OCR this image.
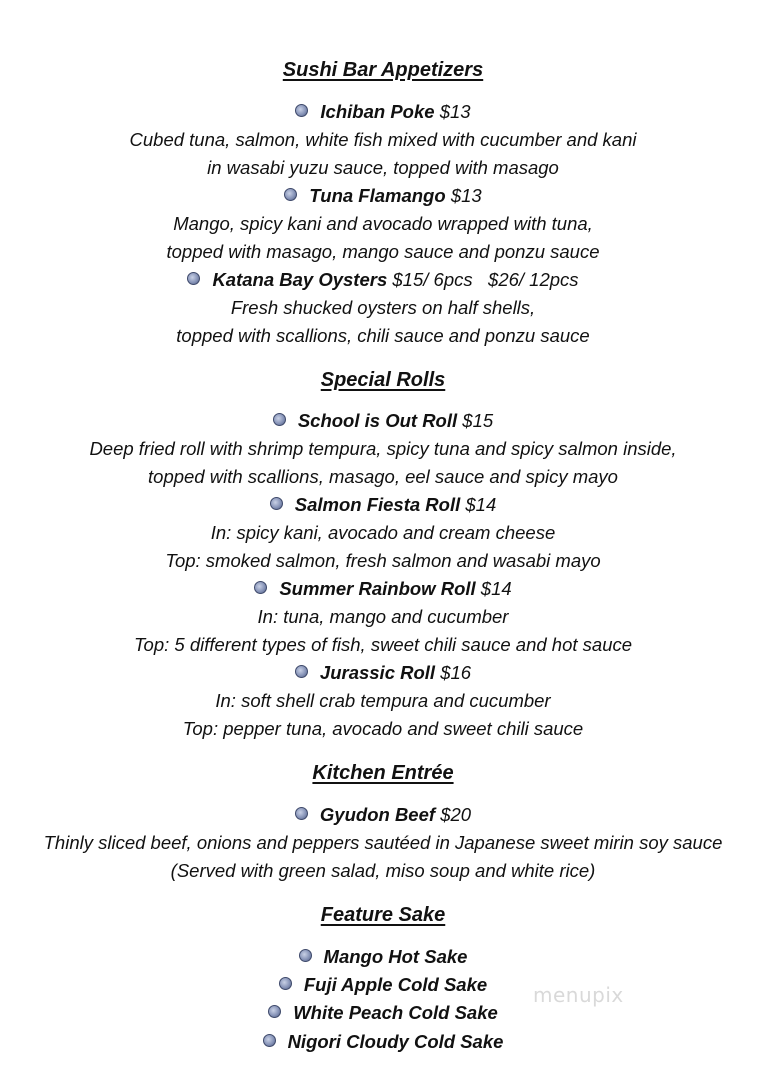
Sushi Bar Appetizers
Ichiban Poke $13
Cubed tuna, salmon, white fish mixed with cucumber and kani
in wasabi yuzu sauce, topped with masago
Tuna Flamango $13
Mango, spicy kani and avocado wrapped with tuna,
topped with masago, mango sauce and ponzu sauce
Katana Bay Oysters $15/ 6pcs   $26/ 12pcs
Fresh shucked oysters on half shells,
topped with scallions, chili sauce and ponzu sauce
Special Rolls
School is Out Roll $15
Deep fried roll with shrimp tempura, spicy tuna and spicy salmon inside,
topped with scallions, masago, eel sauce and spicy mayo
Salmon Fiesta Roll $14
In: spicy kani, avocado and cream cheese
Top: smoked salmon, fresh salmon and wasabi mayo
Summer Rainbow Roll $14
In: tuna, mango and cucumber
Top: 5 different types of fish, sweet chili sauce and hot sauce
Jurassic Roll $16
In: soft shell crab tempura and cucumber
Top: pepper tuna, avocado and sweet chili sauce
Kitchen Entrée
Gyudon Beef $20
Thinly sliced beef, onions and peppers sautéed in Japanese sweet mirin soy sauce
(Served with green salad, miso soup and white rice)
Feature Sake
Mango Hot Sake
Fuji Apple Cold Sake
White Peach Cold Sake
Nigori Cloudy Cold Sake
menupix
